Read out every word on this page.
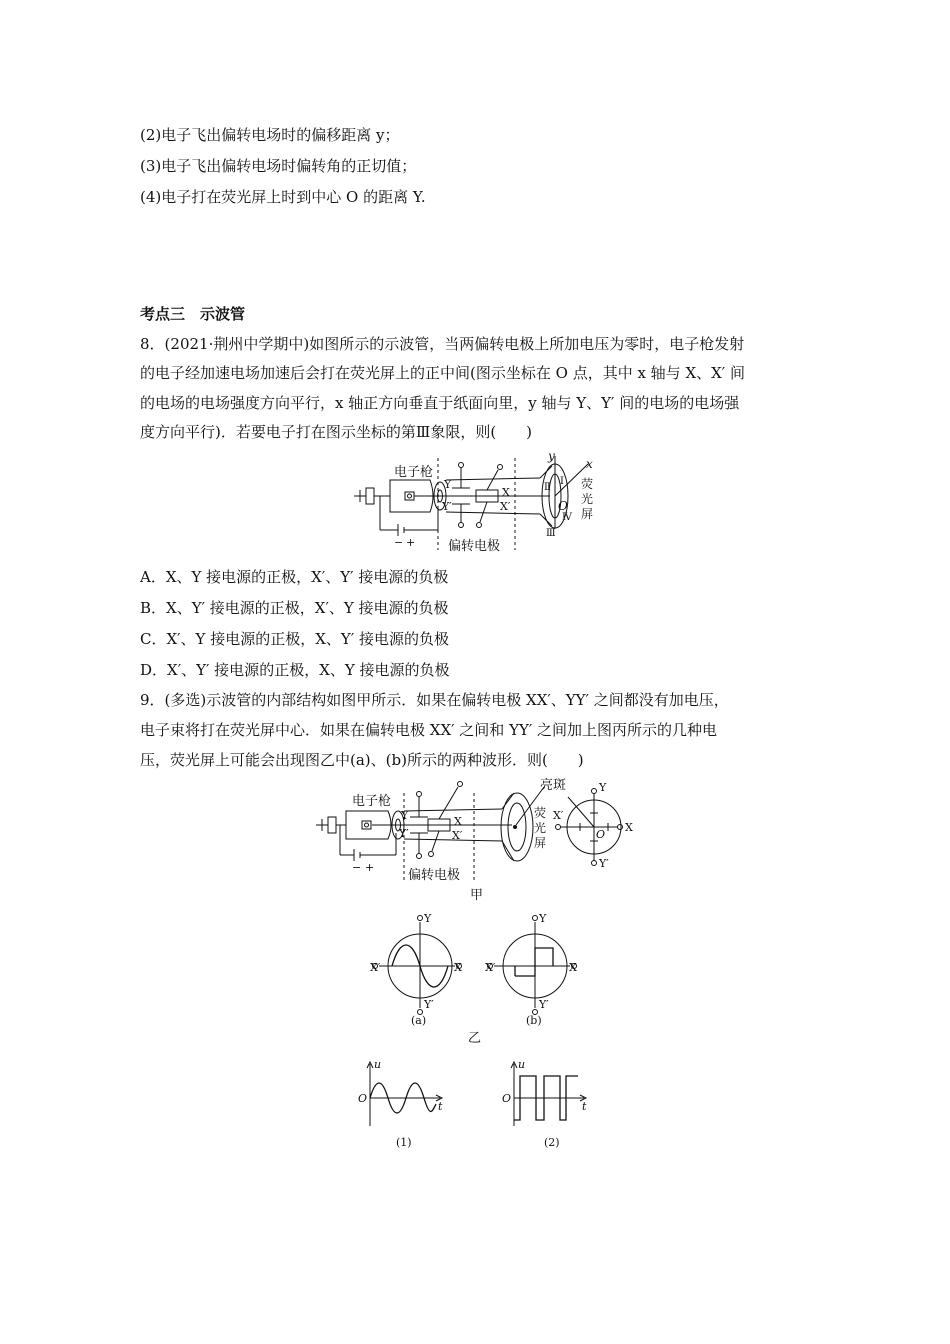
(2)电子飞出偏转电场时的偏移距离 y；
(3)电子飞出偏转电场时偏转角的正切值；
(4)电子打在荧光屏上时到中心 O 的距离 Y.
考点三　示波管
8．(2021·荆州中学期中)如图所示的示波管，当两偏转电极上所加电压为零时，电子枪发射
的电子经加速电场加速后会打在荧光屏上的正中间(图示坐标在 O 点，其中 x 轴与 X、X′ 间
的电场的电场强度方向平行，x 轴正方向垂直于纸面向里，y 轴与 Y、Y′ 间的电场的电场强
度方向平行)．若要电子打在图示坐标的第Ⅲ象限，则(　　)
电子枪
偏转电极
荧
光
屏
y
x
Y
Y′
X
X′	O
Ⅱ
Ⅰ
Ⅲ
Ⅳ
− +
A．X、Y 接电源的正极，X′、Y′ 接电源的负极
B．X、Y′ 接电源的正极，X′、Y 接电源的负极
C．X′、Y 接电源的正极，X、Y′ 接电源的负极
D．X′、Y′ 接电源的正极，X、Y 接电源的负极
9．(多选)示波管的内部结构如图甲所示．如果在偏转电极 XX′、YY′ 之间都没有加电压，
电子束将打在荧光屏中心．如果在偏转电极 XX′ 之间和 YY′ 之间加上图丙所示的几种电
压，荧光屏上可能会出现图乙中(a)、(b)所示的两种波形．则(　　)
电子枪
偏转电极
亮斑
荧
光
屏
Y
Y′
X
X′
Y
Y′
X
X′
O
− +
甲
Y
Y′
X
X′
Y
Y′
X
X′
(a)	(b)
乙
u
t
O
u
t
O
(1)	(2)
